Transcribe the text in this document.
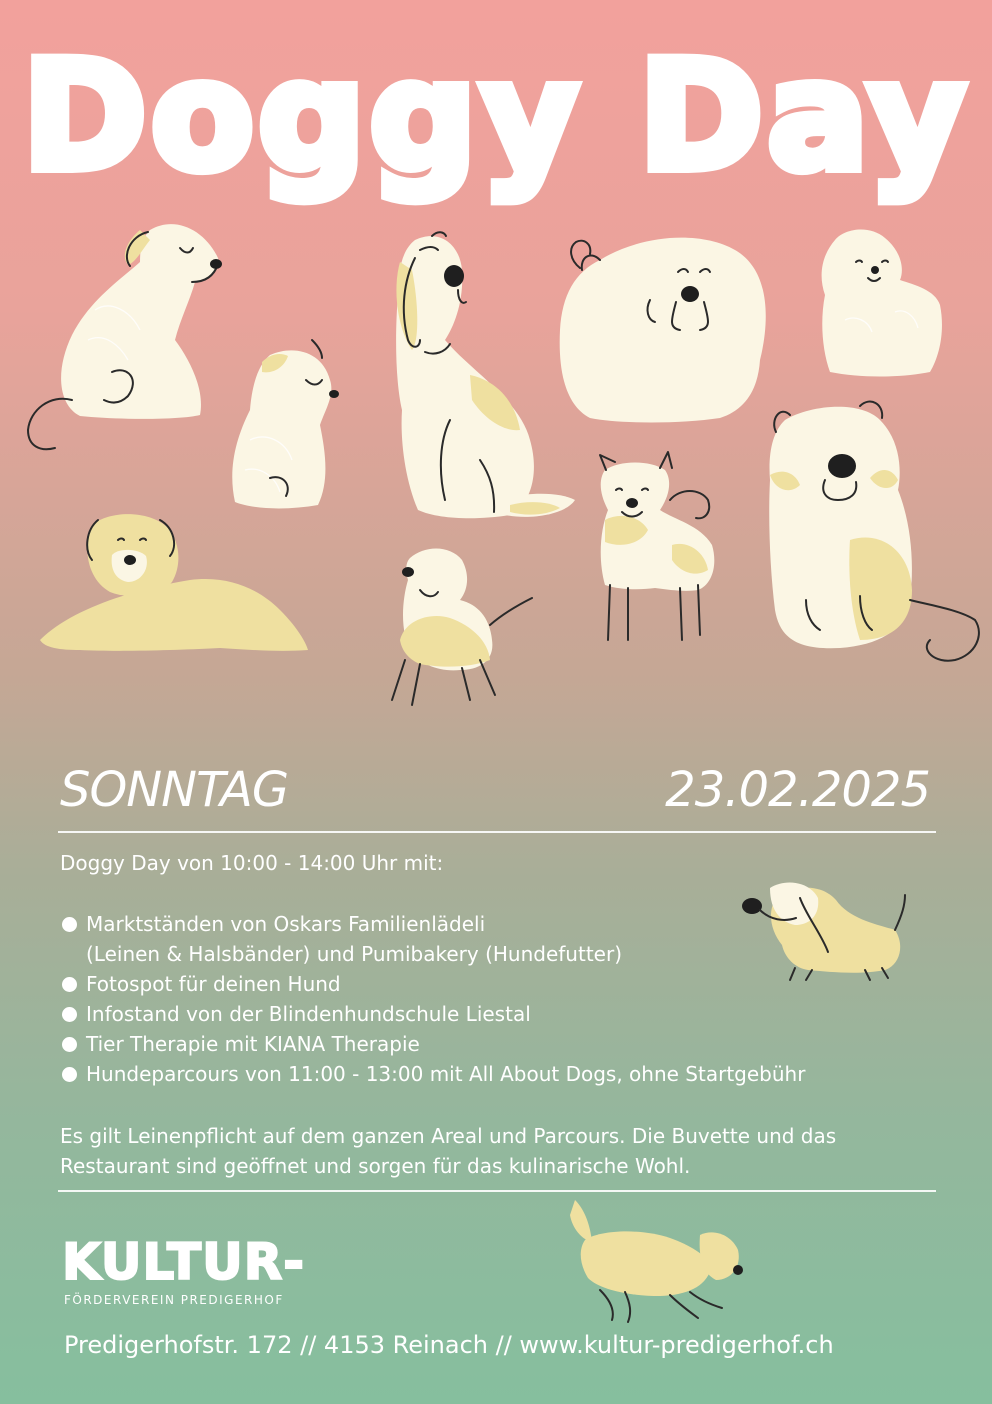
Doggy Day
SONNTAG	23.02.2025
Doggy Day von 10:00 - 14:00 Uhr mit:
Marktständen von Oskars Familienlädeli
(Leinen & Halsbänder) und Pumibakery (Hundefutter)
Fotospot für deinen Hund
Infostand von der Blindenhundschule Liestal
Tier Therapie mit KIANA Therapie
Hundeparcours von 11:00 - 13:00 mit All About Dogs, ohne Startgebühr
Es gilt Leinenpflicht auf dem ganzen Areal und Parcours. Die Buvette und das Restaurant sind geöffnet und sorgen für das kulinarische Wohl.
KULTUR-
FÖRDERVEREIN PREDIGERHOF
Predigerhofstr. 172 // 4153 Reinach // www.kultur-predigerhof.ch
